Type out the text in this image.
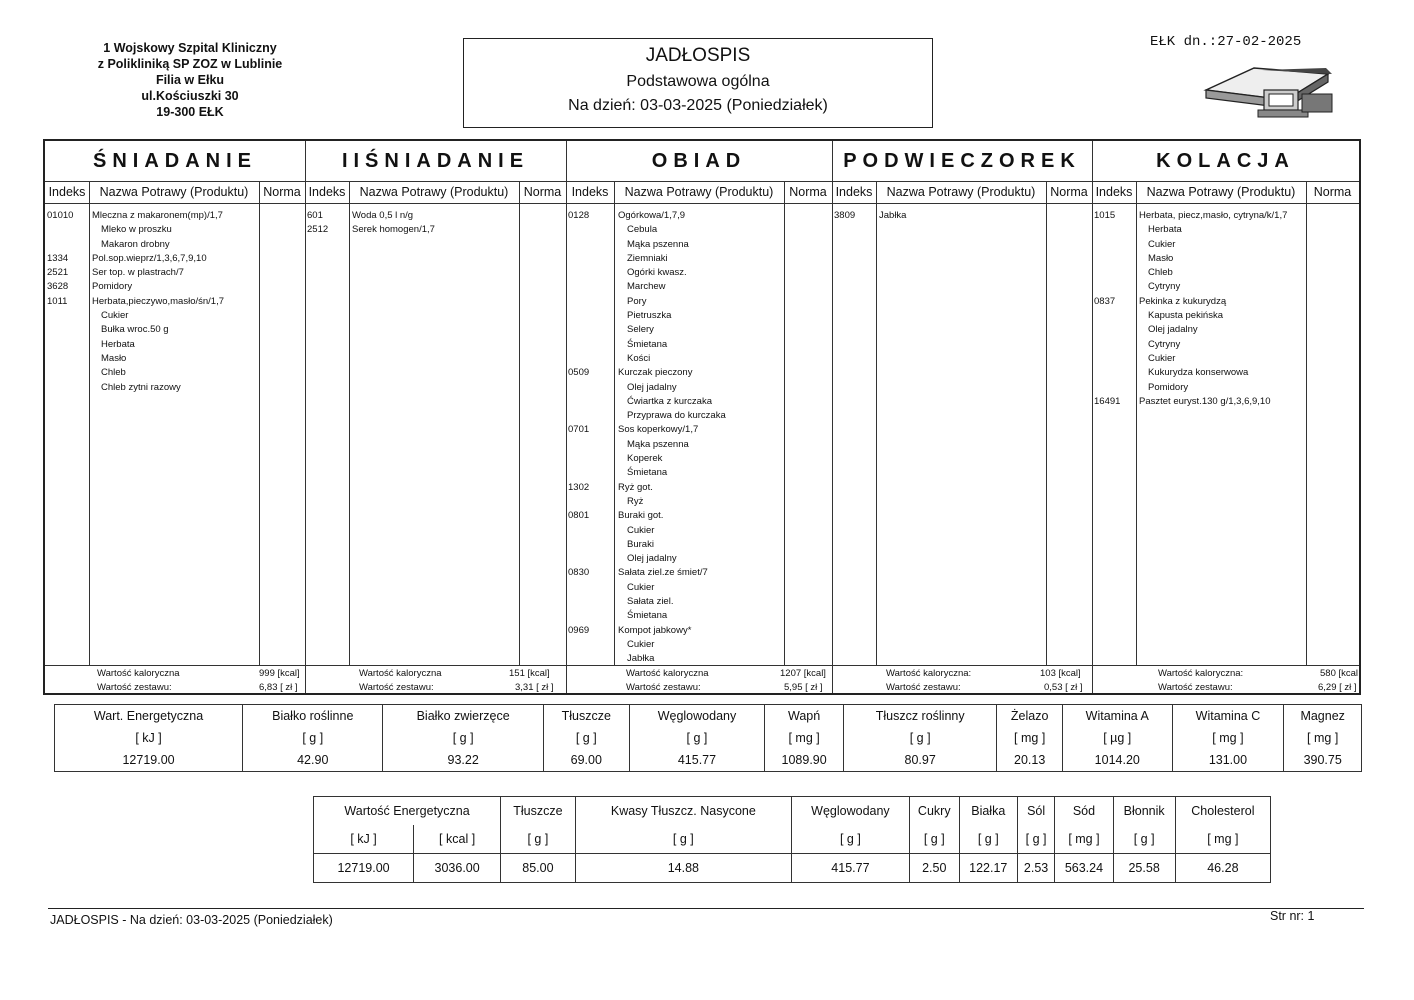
1 Wojskowy Szpital Kliniczny
z Polikliniką SP ZOZ w Lublinie
Filia w Ełku
ul.Kościuszki 30
19-300 EŁK
JADŁOSPIS
Podstawowa ogólna
Na dzień: 03-03-2025 (Poniedziałek)
EŁK dn.:27-02-2025
ŚNIADANIE
Indeks	Nazwa Potrawy (Produktu)	Norma
01010 Mleczna z makaronem(mp)/1,7
Mleko w proszku
Makaron drobny
1334	Pol.sop.wieprz/1,3,6,7,9,10
2521	Ser top. w plastrach/7
3628	Pomidory
1011	Herbata,pieczywo,masło/śn/1,7
Cukier
Bułka wroc.50 g
Herbata
Masło
Chleb
Chleb zytni razowy
Wartość kaloryczna	999 [kcal]
Wartość zestawu:	6,83 [ zł ]
IIŚNIADANIE
Indeks	Nazwa Potrawy (Produktu)	Norma
601	Woda 0,5 l n/g
2512	Serek homogen/1,7
Wartość kaloryczna	151 [kcal]
Wartość zestawu:	3,31 [ zł ]
OBIAD
Indeks	Nazwa Potrawy (Produktu)	Norma
0128	Ogórkowa/1,7,9
Cebula
Mąka pszenna
Ziemniaki
Ogórki kwasz.
Marchew
Pory
Pietruszka
Selery
Śmietana
Kości
0509	Kurczak pieczony
Olej jadalny
Ćwiartka z kurczaka
Przyprawa do kurczaka
0701	Sos koperkowy/1,7
Mąka pszenna
Koperek
Śmietana
1302	Ryż got.
Ryż
0801	Buraki got.
Cukier
Buraki
Olej jadalny
0830	Sałata ziel.ze śmiet/7
Cukier
Sałata ziel.
Śmietana
0969	Kompot jabkowy*
Cukier
Jabłka
Wartość kaloryczna	1207 [kcal]
Wartość zestawu:	5,95 [ zł ]
PODWIECZOREK
Indeks	Nazwa Potrawy (Produktu)	Norma
3809	Jabłka
Wartość kaloryczna:	103 [kcal]
Wartość zestawu:	0,53 [ zł ]
KOLACJA
Indeks	Nazwa Potrawy (Produktu)	Norma
1015	Herbata, piecz,masło, cytryna/k/1,7
Herbata
Cukier
Masło
Chleb
Cytryny
0837	Pekinka z kukurydzą
Kapusta pekińska
Olej jadalny
Cytryny
Cukier
Kukurydza konserwowa
Pomidory
16491 Pasztet euryst.130 g/1,3,6,9,10
Wartość kaloryczna:	580 [kcal
Wartość zestawu:	6,29 [ zł ]
Wart. Energetyczna	Białko roślinne	Białko zwierzęce	Tłuszcze	Węglowodany	Wapń	Tłuszcz roślinny	Żelazo	Witamina A	Witamina C	Magnez
[ kJ ]	[ g ]	[ g ]	[ g ]	[ g ]	[ mg ]	[ g ]	[ mg ]	[ µg ]	[ mg ]	[ mg ]
12719.00	42.90	93.22	69.00	415.77	1089.90	80.97	20.13	1014.20	131.00	390.75
Wartość Energetyczna		Tłuszcze	Kwasy Tłuszcz. Nasycone	Węglowodany	Cukry	Białka	Sól	Sód	Błonnik	Cholesterol
[ kJ ]	[ kcal ]	[ g ]	[ g ]	[ g ]	[ g ]	[ g ]	[ g ]	[ mg ]	[ g ]	[ mg ]
12719.00	3036.00	85.00	14.88	415.77	2.50	122.17	2.53	563.24	25.58	46.28
JADŁOSPIS - Na dzień: 03-03-2025 (Poniedziałek)	Str nr: 1
